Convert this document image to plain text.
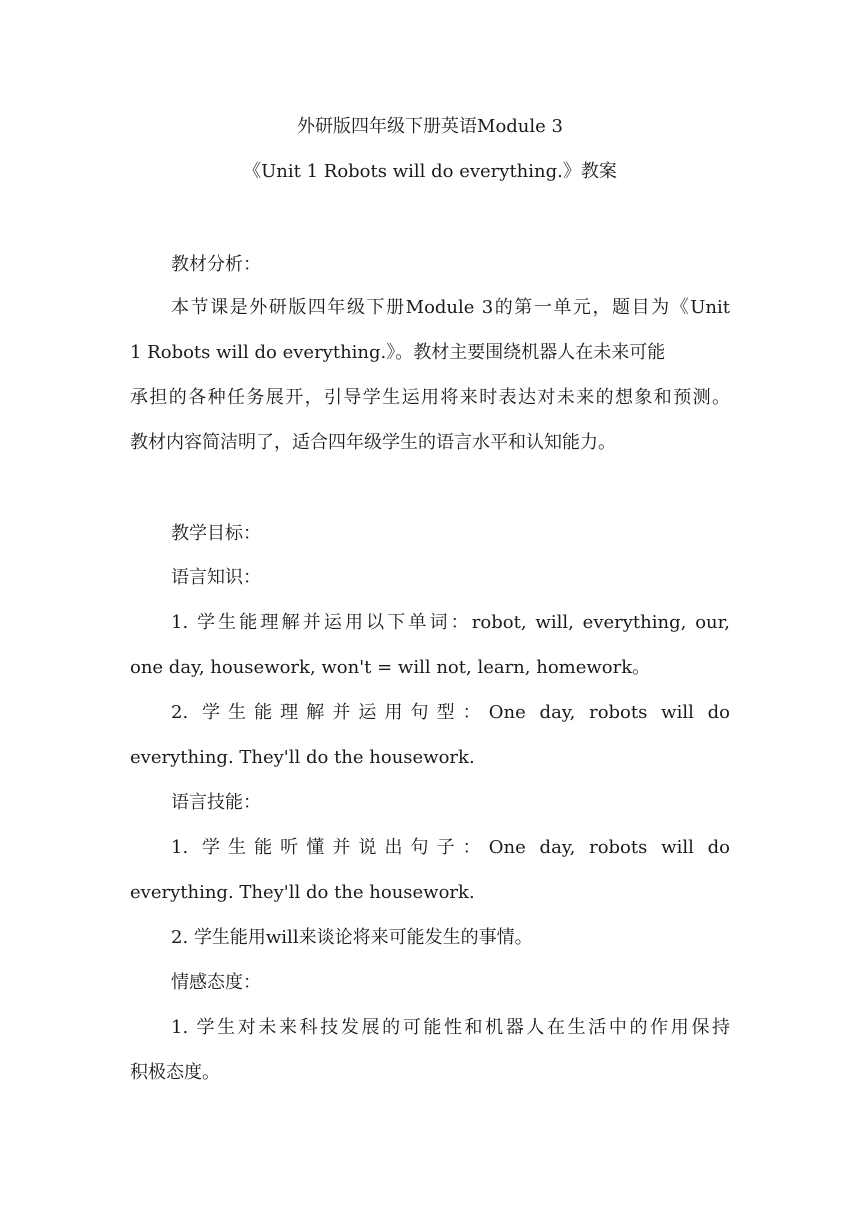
外研版四年级下册英语Module 3
《Unit 1 Robots will do everything.》教案
教材分析：
本节课是外研版四年级下册Module 3的第一单元，题目为《Unit
1 Robots will do everything.》。教材主要围绕机器人在未来可能
承担的各种任务展开，引导学生运用将来时表达对未来的想象和预测。
教材内容简洁明了，适合四年级学生的语言水平和认知能力。
教学目标：
语言知识：
1. 学生能理解并运用以下单词：robot, will, everything, our,
one day, housework, won't = will not, learn, homework。
2. 学生能理解并运用句型：One day, robots will do
everything. They'll do the housework.
语言技能：
1. 学生能听懂并说出句子：One day, robots will do
everything. They'll do the housework.
2. 学生能用will来谈论将来可能发生的事情。
情感态度：
1. 学生对未来科技发展的可能性和机器人在生活中的作用保持
积极态度。
